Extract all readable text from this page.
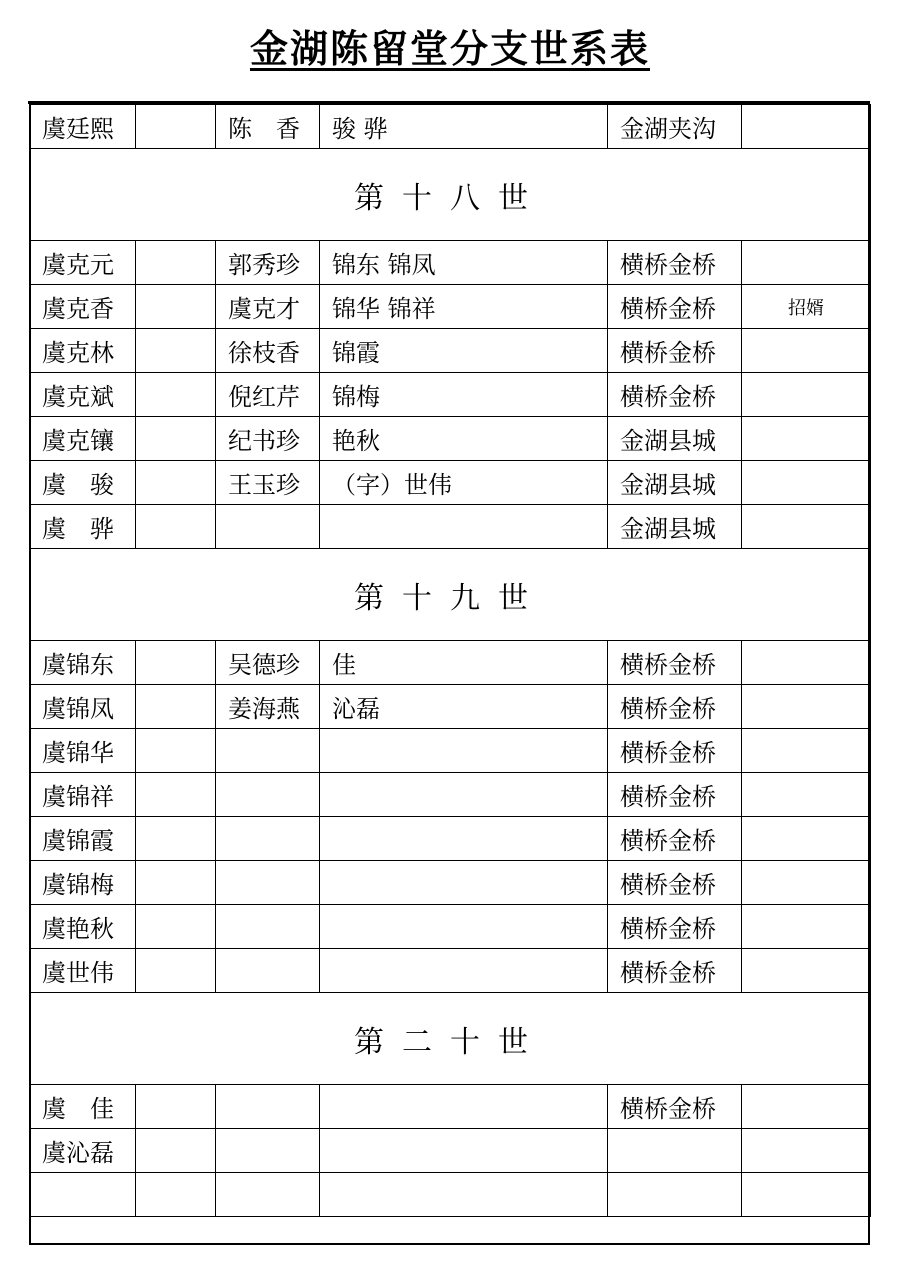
金湖陈留堂分支世系表
虞廷熙		陈　香	骏 骅	金湖夹沟	
第十八世					
虞克元		郭秀珍	锦东 锦凤	横桥金桥	
虞克香		虞克才	锦华 锦祥	横桥金桥	招婿
虞克林		徐枝香	锦霞	横桥金桥	
虞克斌		倪红芹	锦梅	横桥金桥	
虞克镶		纪书珍	艳秋	金湖县城	
虞　骏		王玉珍	（字）世伟	金湖县城	
虞　骅				金湖县城	
第十九世					
虞锦东		吴德珍	佳	横桥金桥	
虞锦凤		姜海燕	沁磊	横桥金桥	
虞锦华				横桥金桥	
虞锦祥				横桥金桥	
虞锦霞				横桥金桥	
虞锦梅				横桥金桥	
虞艳秋				横桥金桥	
虞世伟				横桥金桥	
第二十世					
虞　佳				横桥金桥	
虞沁磊					
